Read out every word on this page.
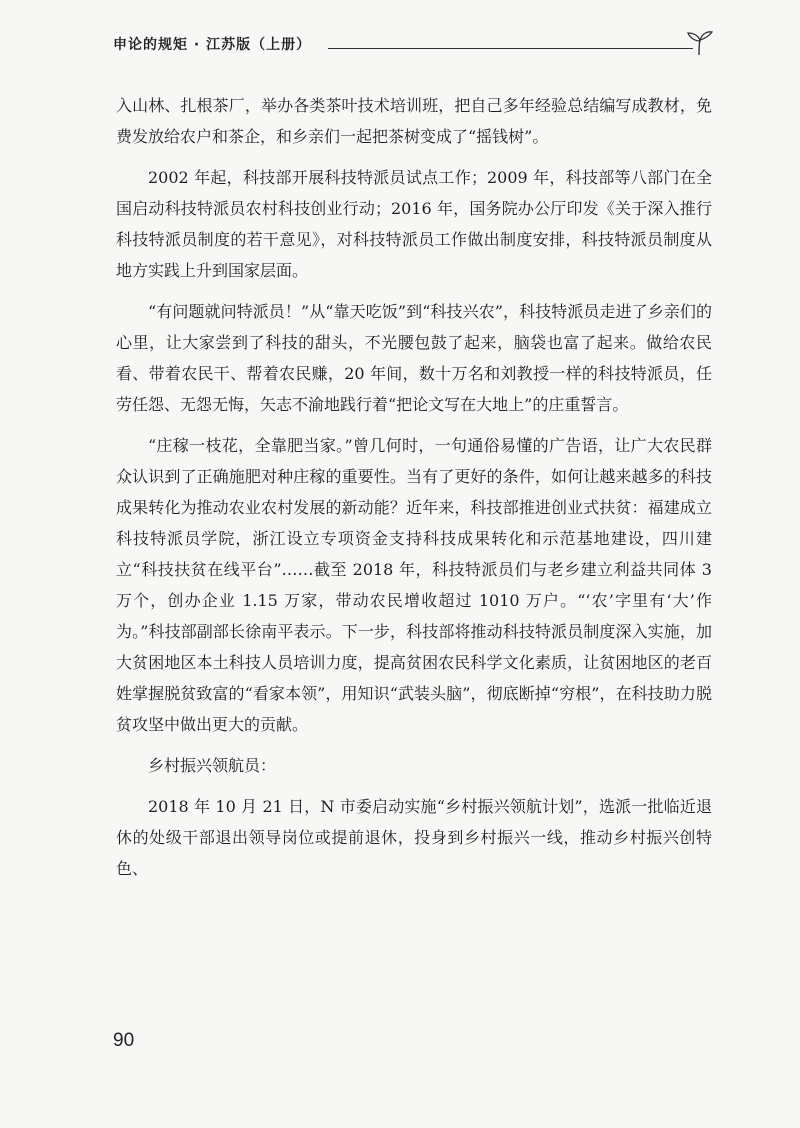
申论的规矩 · 江苏版（上册）

入山林、扎根茶厂，举办各类茶叶技术培训班，把自己多年经验总结编写成教材，免费发放给农户和茶企，和乡亲们一起把茶树变成了“摇钱树”。

2002 年起，科技部开展科技特派员试点工作；2009 年，科技部等八部门在全国启动科技特派员农村科技创业行动；2016 年，国务院办公厅印发《关于深入推行科技特派员制度的若干意见》，对科技特派员工作做出制度安排，科技特派员制度从地方实践上升到国家层面。

“有问题就问特派员！”从“靠天吃饭”到“科技兴农”，科技特派员走进了乡亲们的心里，让大家尝到了科技的甜头，不光腰包鼓了起来，脑袋也富了起来。做给农民看、带着农民干、帮着农民赚，20 年间，数十万名和刘教授一样的科技特派员，任劳任怨、无怨无悔，矢志不渝地践行着“把论文写在大地上”的庄重誓言。

“庄稼一枝花，全靠肥当家。”曾几何时，一句通俗易懂的广告语，让广大农民群众认识到了正确施肥对种庄稼的重要性。当有了更好的条件，如何让越来越多的科技成果转化为推动农业农村发展的新动能？近年来，科技部推进创业式扶贫：福建成立科技特派员学院，浙江设立专项资金支持科技成果转化和示范基地建设，四川建立“科技扶贫在线平台”……截至 2018 年，科技特派员们与老乡建立利益共同体 3 万个，创办企业 1.15 万家，带动农民增收超过 1010 万户。“‘农’字里有‘大’作为。”科技部副部长徐南平表示。下一步，科技部将推动科技特派员制度深入实施，加大贫困地区本土科技人员培训力度，提高贫困农民科学文化素质，让贫困地区的老百姓掌握脱贫致富的“看家本领”，用知识“武装头脑”，彻底断掉“穷根”，在科技助力脱贫攻坚中做出更大的贡献。

乡村振兴领航员：

2018 年 10 月 21 日，N 市委启动实施“乡村振兴领航计划”，选派一批临近退休的处级干部退出领导岗位或提前退休，投身到乡村振兴一线，推动乡村振兴创特色、

90
